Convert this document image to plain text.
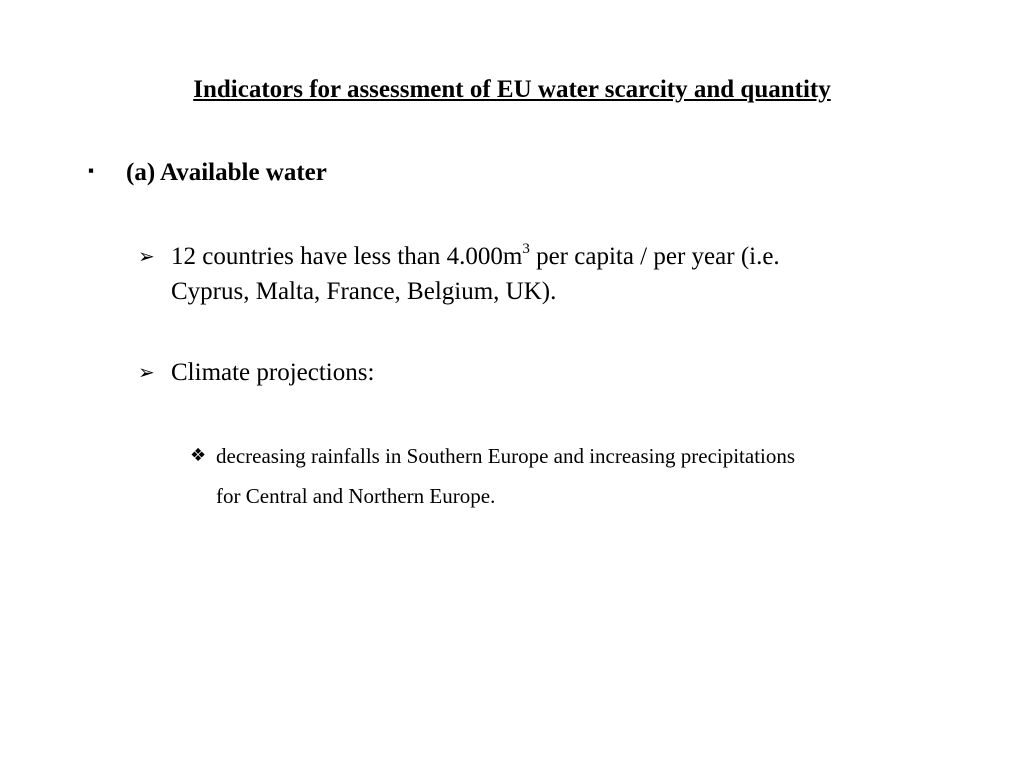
Indicators for assessment of EU water scarcity and quantity
▪ (a) Available water
➢ 12 countries have less than $4.000m^3$ per capita / per year (i.e.
Cyprus, Malta, France, Belgium, UK).
➢ Climate projections:
❖ decreasing rainfalls in Southern Europe and increasing precipitations
for Central and Northern Europe.
